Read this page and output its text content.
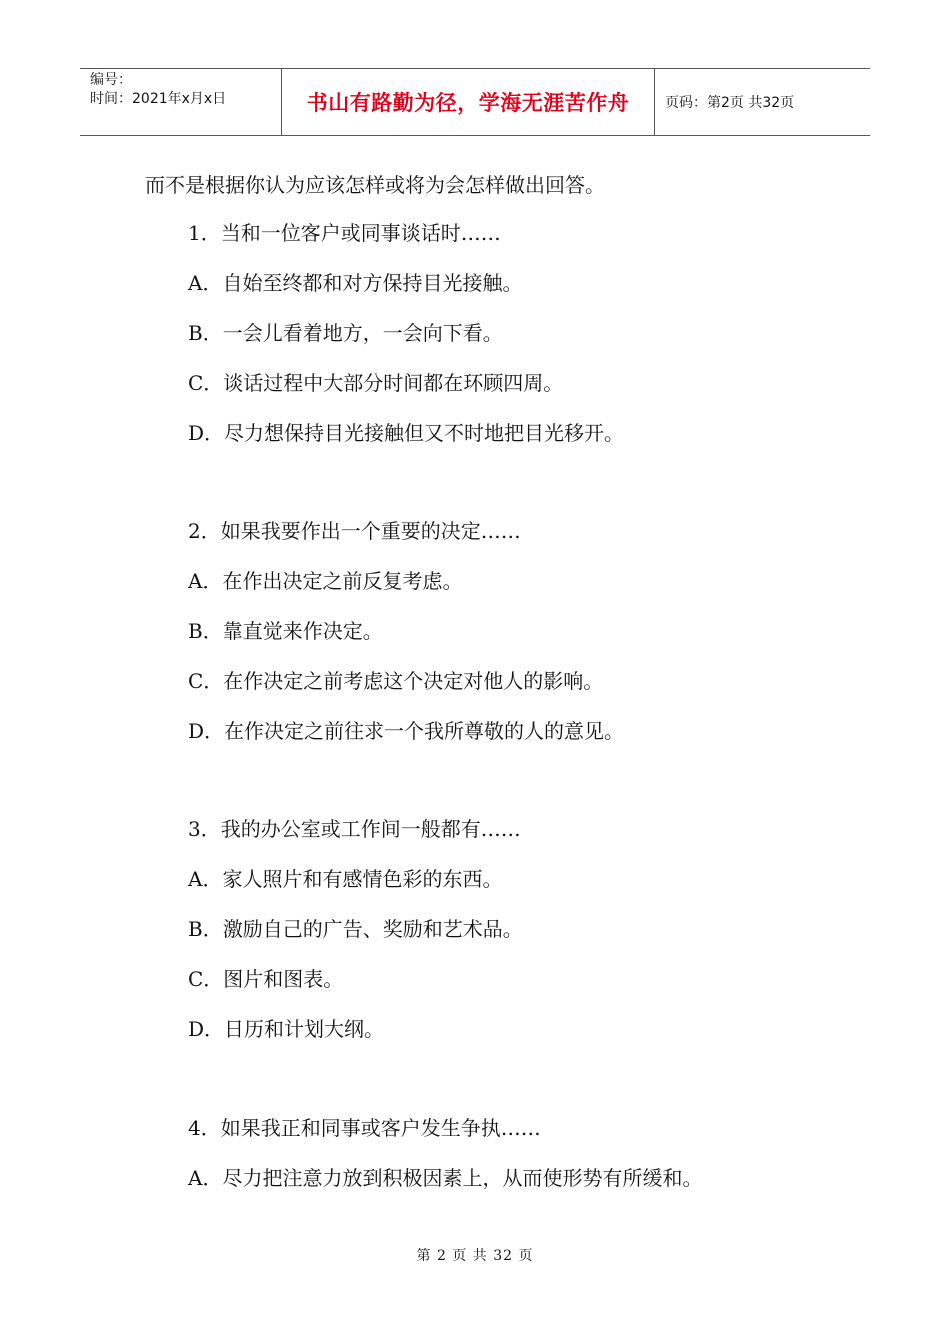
编号：
时间：2021年x月x日	书山有路勤为径，学海无涯苦作舟	页码：第2页 共32页
而不是根据你认为应该怎样或将为会怎样做出回答。
1．当和一位客户或同事谈话时……
A．自始至终都和对方保持目光接触。
B．一会儿看着地方，一会向下看。
C．谈话过程中大部分时间都在环顾四周。
D．尽力想保持目光接触但又不时地把目光移开。
2．如果我要作出一个重要的决定……
A．在作出决定之前反复考虑。
B．靠直觉来作决定。
C．在作决定之前考虑这个决定对他人的影响。
D．在作决定之前往求一个我所尊敬的人的意见。
3．我的办公室或工作间一般都有……
A．家人照片和有感情色彩的东西。
B．激励自己的广告、奖励和艺术品。
C．图片和图表。
D．日历和计划大纲。
4．如果我正和同事或客户发生争执……
A．尽力把注意力放到积极因素上，从而使形势有所缓和。
第 2 页 共 32 页
